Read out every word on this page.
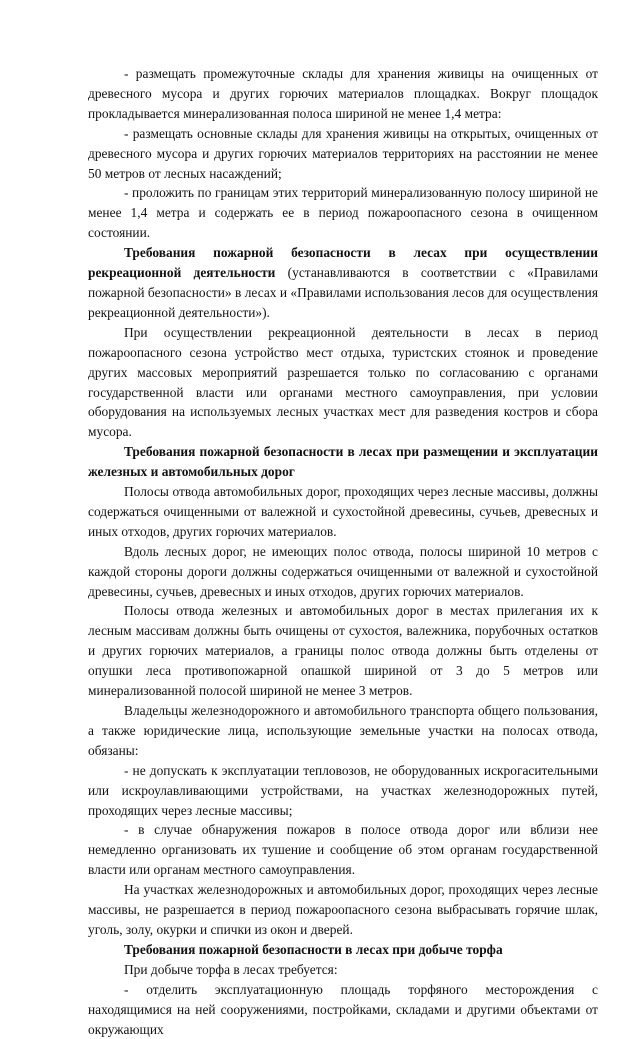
- размещать промежуточные склады для хранения живицы на очищенных от древесного мусора и других горючих материалов площадках. Вокруг площадок прокладывается минерализованная полоса шириной не менее 1,4 метра:

- размещать основные склады для хранения живицы на открытых, очищенных от древесного мусора и других горючих материалов территориях на расстоянии не менее 50 метров от лесных насаждений;

- проложить по границам этих территорий минерализованную полосу шириной не менее 1,4 метра и содержать ее в период пожароопасного сезона в очищенном состоянии.

Требования пожарной безопасности в лесах при осуществлении рекреационной деятельности (устанавливаются в соответствии с «Правилами пожарной безопасности» в лесах и «Правилами использования лесов для осуществления рекреационной деятельности»).

При осуществлении рекреационной деятельности в лесах в период пожароопасного сезона устройство мест отдыха, туристских стоянок и проведение других массовых мероприятий разрешается только по согласованию с органами государственной власти или органами местного самоуправления, при условии оборудования на используемых лесных участках мест для разведения костров и сбора мусора.

Требования пожарной безопасности в лесах при размещении и эксплуатации железных и автомобильных дорог

Полосы отвода автомобильных дорог, проходящих через лесные массивы, должны содержаться очищенными от валежной и сухостойной древесины, сучьев, древесных и иных отходов, других горючих материалов.

Вдоль лесных дорог, не имеющих полос отвода, полосы шириной 10 метров с каждой стороны дороги должны содержаться очищенными от валежной и сухостойной древесины, сучьев, древесных и иных отходов, других горючих материалов.

Полосы отвода железных и автомобильных дорог в местах прилегания их к лесным массивам должны быть очищены от сухостоя, валежника, порубочных остатков и других горючих материалов, а границы полос отвода должны быть отделены от опушки леса противопожарной опашкой шириной от 3 до 5 метров или минерализованной полосой шириной не менее 3 метров.

Владельцы железнодорожного и автомобильного транспорта общего пользования, а также юридические лица, использующие земельные участки на полосах отвода, обязаны:

- не допускать к эксплуатации тепловозов, не оборудованных искрогасительными или искроулавливающими устройствами, на участках железнодорожных путей, проходящих через лесные массивы;

- в случае обнаружения пожаров в полосе отвода дорог или вблизи нее немедленно организовать их тушение и сообщение об этом органам государственной власти или органам местного самоуправления.

На участках железнодорожных и автомобильных дорог, проходящих через лесные массивы, не разрешается в период пожароопасного сезона выбрасывать горячие шлак, уголь, золу, окурки и спички из окон и дверей.

Требования пожарной безопасности в лесах при добыче торфа

При добыче торфа в лесах требуется:

- отделить эксплуатационную площадь торфяного месторождения с находящимися на ней сооружениями, постройками, складами и другими объектами от окружающих
